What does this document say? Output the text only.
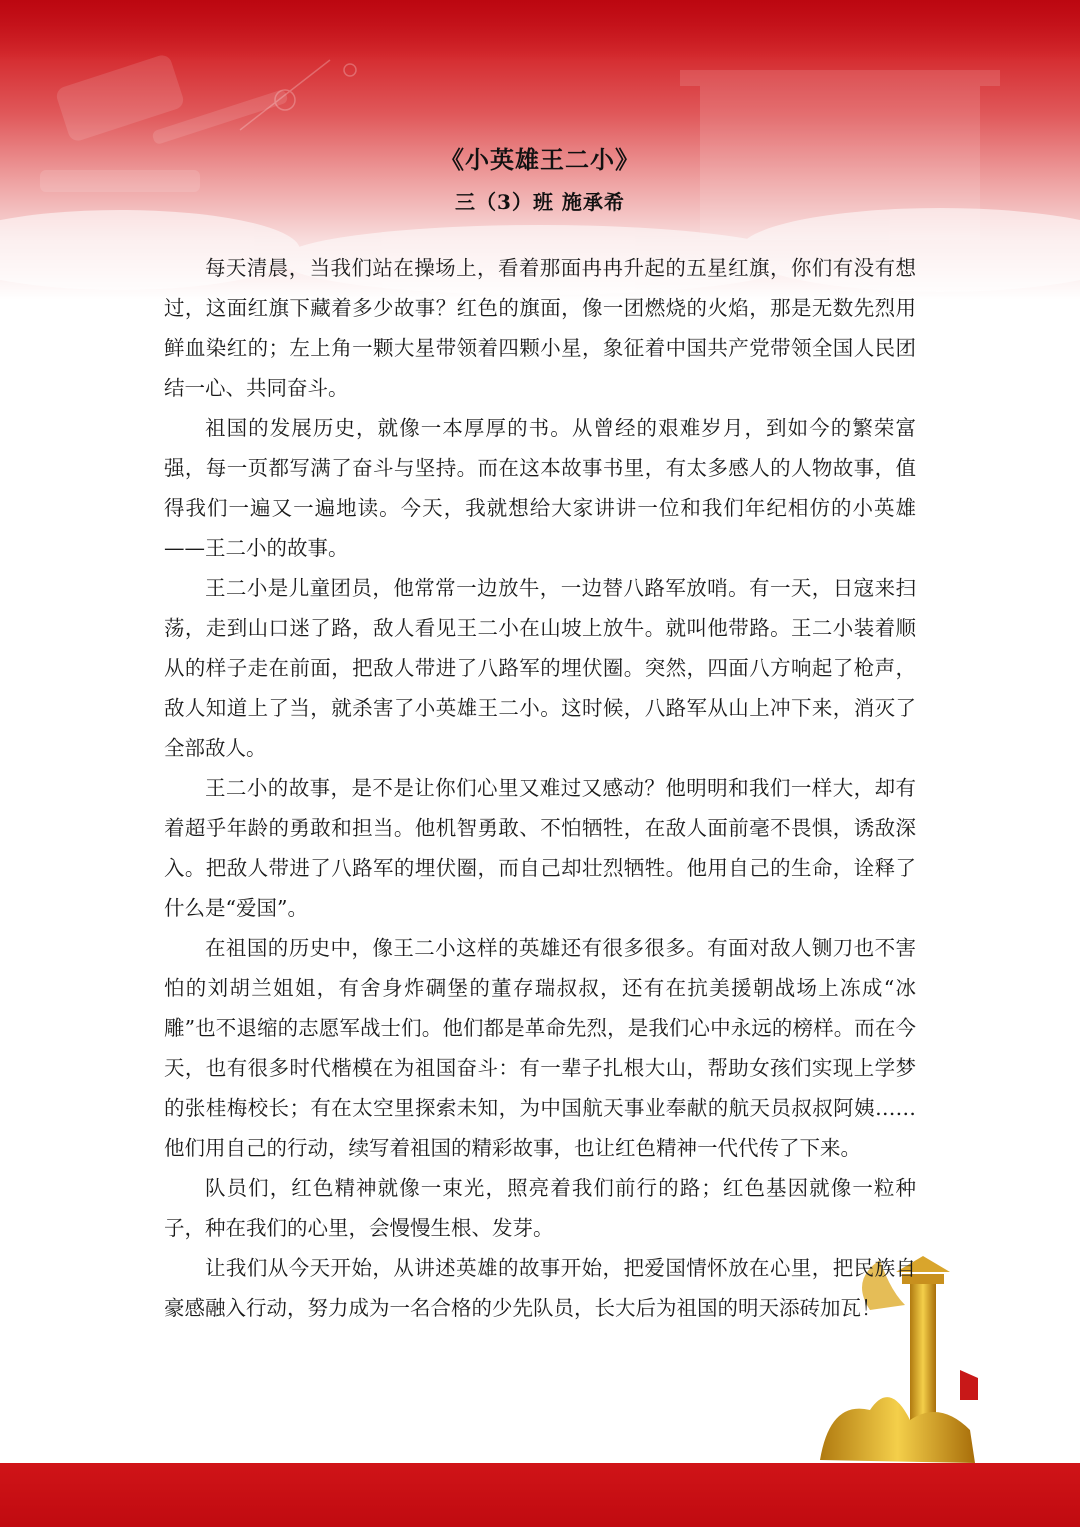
《小英雄王二小》
三（3）班 施承希

每天清晨，当我们站在操场上，看着那面冉冉升起的五星红旗，你们有没有想过，这面红旗下藏着多少故事？红色的旗面，像一团燃烧的火焰，那是无数先烈用鲜血染红的；左上角一颗大星带领着四颗小星，象征着中国共产党带领全国人民团结一心、共同奋斗。

祖国的发展历史，就像一本厚厚的书。从曾经的艰难岁月，到如今的繁荣富强，每一页都写满了奋斗与坚持。而在这本故事书里，有太多感人的人物故事，值得我们一遍又一遍地读。今天，我就想给大家讲讲一位和我们年纪相仿的小英雄——王二小的故事。

王二小是儿童团员，他常常一边放牛，一边替八路军放哨。有一天，日寇来扫荡，走到山口迷了路，敌人看见王二小在山坡上放牛。就叫他带路。王二小装着顺从的样子走在前面，把敌人带进了八路军的埋伏圈。突然，四面八方响起了枪声，敌人知道上了当，就杀害了小英雄王二小。这时候，八路军从山上冲下来，消灭了全部敌人。

王二小的故事，是不是让你们心里又难过又感动？他明明和我们一样大，却有着超乎年龄的勇敢和担当。他机智勇敢、不怕牺牲，在敌人面前毫不畏惧，诱敌深入。把敌人带进了八路军的埋伏圈，而自己却壮烈牺牲。他用自己的生命，诠释了什么是“爱国”。

在祖国的历史中，像王二小这样的英雄还有很多很多。有面对敌人铡刀也不害怕的刘胡兰姐姐，有舍身炸碉堡的董存瑞叔叔，还有在抗美援朝战场上冻成“冰雕”也不退缩的志愿军战士们。他们都是革命先烈，是我们心中永远的榜样。而在今天，也有很多时代楷模在为祖国奋斗：有一辈子扎根大山，帮助女孩们实现上学梦的张桂梅校长；有在太空里探索未知，为中国航天事业奉献的航天员叔叔阿姨……他们用自己的行动，续写着祖国的精彩故事，也让红色精神一代代传了下来。

队员们，红色精神就像一束光，照亮着我们前行的路；红色基因就像一粒种子，种在我们的心里，会慢慢生根、发芽。

让我们从今天开始，从讲述英雄的故事开始，把爱国情怀放在心里，把民族自豪感融入行动，努力成为一名合格的少先队员，长大后为祖国的明天添砖加瓦！
